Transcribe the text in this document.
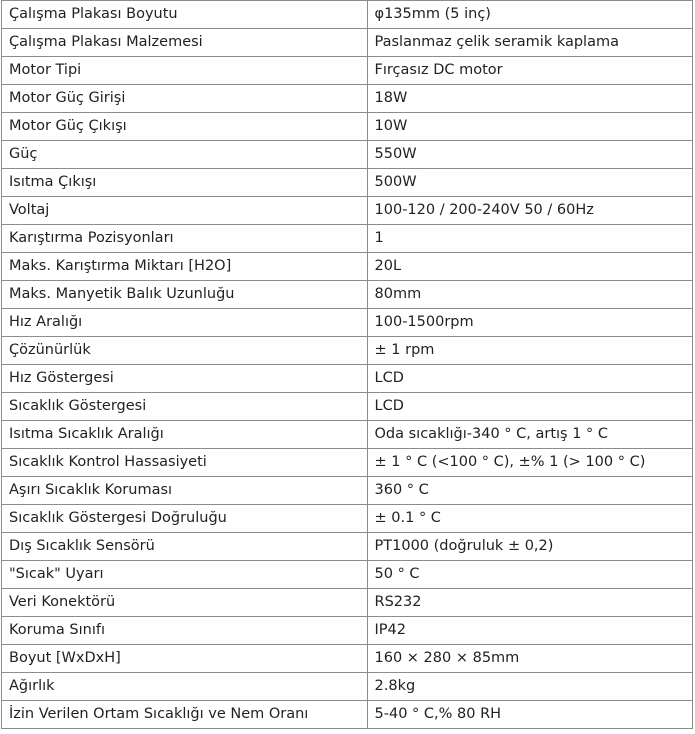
Çalışma Plakası Boyutu	φ135mm (5 inç)
Çalışma Plakası Malzemesi	Paslanmaz çelik seramik kaplama
Motor Tipi	Fırçasız DC motor
Motor Güç Girişi	18W
Motor Güç Çıkışı	10W
Güç	550W
Isıtma Çıkışı	500W
Voltaj	100-120 / 200-240V 50 / 60Hz
Karıştırma Pozisyonları	1
Maks. Karıştırma Miktarı [H2O]	20L
Maks. Manyetik Balık Uzunluğu	80mm
Hız Aralığı	100-1500rpm
Çözünürlük	± 1 rpm
Hız Göstergesi	LCD
Sıcaklık Göstergesi	LCD
Isıtma Sıcaklık Aralığı	Oda sıcaklığı-340 ° C, artış 1 ° C
Sıcaklık Kontrol Hassasiyeti	± 1 ° C (<100 ° C), ±% 1 (> 100 ° C)
Aşırı Sıcaklık Koruması	360 ° C
Sıcaklık Göstergesi Doğruluğu	± 0.1 ° C
Dış Sıcaklık Sensörü	PT1000 (doğruluk ± 0,2)
"Sıcak" Uyarı	50 ° C
Veri Konektörü	RS232
Koruma Sınıfı	IP42
Boyut [WxDxH]	160 × 280 × 85mm
Ağırlık	2.8kg
İzin Verilen Ortam Sıcaklığı ve Nem Oranı	5-40 ° C,% 80 RH
